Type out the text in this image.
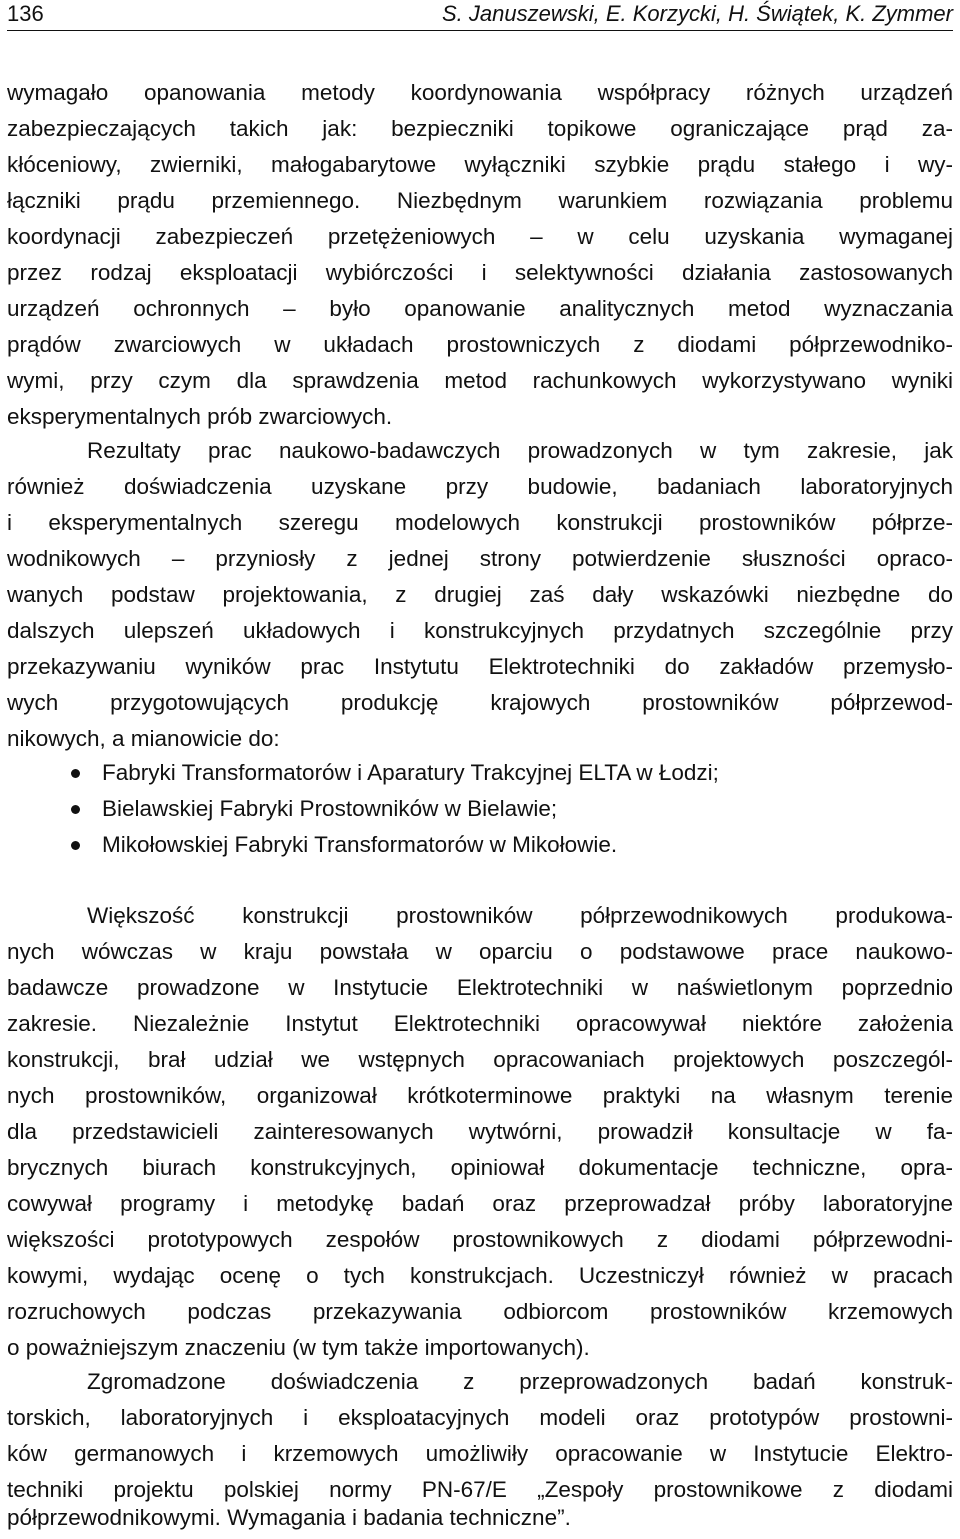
136	S. Januszewski, E. Korzycki, H. Świątek, K. Zymmer
wymagało opanowania metody koordynowania współpracy różnych urządzeń
zabezpieczających takich jak: bezpieczniki topikowe ograniczające prąd za-
kłóceniowy, zwierniki, małogabarytowe wyłączniki szybkie prądu stałego i wy-
łączniki prądu przemiennego. Niezbędnym warunkiem rozwiązania problemu
koordynacji zabezpieczeń przetężeniowych – w celu uzyskania wymaganej
przez rodzaj eksploatacji wybiórczości i selektywności działania zastosowanych
urządzeń ochronnych – było opanowanie analitycznych metod wyznaczania
prądów zwarciowych w układach prostowniczych z diodami półprzewodniko-
wymi, przy czym dla sprawdzenia metod rachunkowych wykorzystywano wyniki
eksperymentalnych prób zwarciowych.
Rezultaty prac naukowo-badawczych prowadzonych w tym zakresie, jak
również doświadczenia uzyskane przy budowie, badaniach laboratoryjnych
i eksperymentalnych szeregu modelowych konstrukcji prostowników półprze-
wodnikowych – przyniosły z jednej strony potwierdzenie słuszności opraco-
wanych podstaw projektowania, z drugiej zaś dały wskazówki niezbędne do
dalszych ulepszeń układowych i konstrukcyjnych przydatnych szczególnie przy
przekazywaniu wyników prac Instytutu Elektrotechniki do zakładów przemysło-
wych przygotowujących produkcję krajowych prostowników półprzewod-
nikowych, a mianowicie do:
Fabryki Transformatorów i Aparatury Trakcyjnej ELTA w Łodzi;
Bielawskiej Fabryki Prostowników w Bielawie;
Mikołowskiej Fabryki Transformatorów w Mikołowie.
Większość konstrukcji prostowników półprzewodnikowych produkowa-
nych wówczas w kraju powstała w oparciu o podstawowe prace naukowo-
badawcze prowadzone w Instytucie Elektrotechniki w naświetlonym poprzednio
zakresie. Niezależnie Instytut Elektrotechniki opracowywał niektóre założenia
konstrukcji, brał udział we wstępnych opracowaniach projektowych poszczegól-
nych prostowników, organizował krótkoterminowe praktyki na własnym terenie
dla przedstawicieli zainteresowanych wytwórni, prowadził konsultacje w fa-
brycznych biurach konstrukcyjnych, opiniował dokumentacje techniczne, opra-
cowywał programy i metodykę badań oraz przeprowadzał próby laboratoryjne
większości prototypowych zespołów prostownikowych z diodami półprzewodni-
kowymi, wydając ocenę o tych konstrukcjach. Uczestniczył również w pracach
rozruchowych podczas przekazywania odbiorcom prostowników krzemowych
o poważniejszym znaczeniu (w tym także importowanych).
Zgromadzone doświadczenia z przeprowadzonych badań konstruk-
torskich, laboratoryjnych i eksploatacyjnych modeli oraz prototypów prostowni-
ków germanowych i krzemowych umożliwiły opracowanie w Instytucie Elektro-
techniki projektu polskiej normy PN-67/E „Zespoły prostownikowe z diodami
półprzewodnikowymi. Wymagania i badania techniczne”.
